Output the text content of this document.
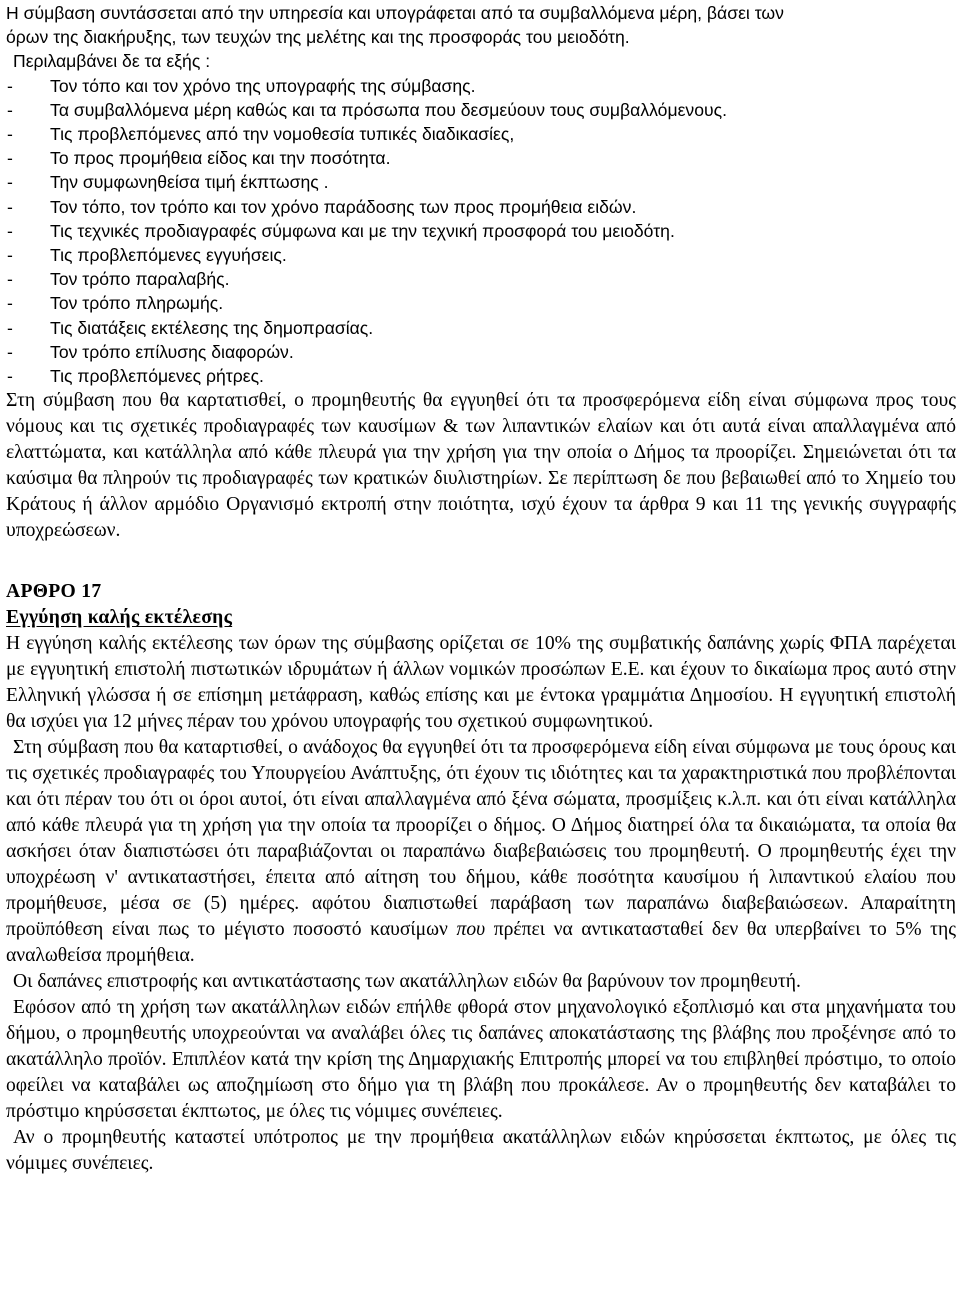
Η σύμβαση συντάσσεται από την υπηρεσία και υπογράφεται από τα συμβαλλόμενα μέρη, βάσει των
όρων της διακήρυξης, των τευχών της μελέτης και της προσφοράς του μειοδότη.
Περιλαμβάνει δε τα εξής :
- Τον τόπο και τον χρόνο της υπογραφής της σύμβασης.
- Τα συμβαλλόμενα μέρη καθώς και τα πρόσωπα που δεσμεύουν τους συμβαλλόμενους.
- Τις προβλεπόμενες από την νομοθεσία τυπικές διαδικασίες,
- Το προς προμήθεια είδος και την ποσότητα.
- Την συμφωνηθείσα τιμή έκπτωσης .
- Τον τόπο, τον τρόπο και τον χρόνο παράδοσης των προς προμήθεια ειδών.
- Τις τεχνικές προδιαγραφές σύμφωνα και με την τεχνική προσφορά του μειοδότη.
- Τις προβλεπόμενες εγγυήσεις.
- Τον τρόπο παραλαβής.
- Τον τρόπο πληρωμής.
- Τις διατάξεις εκτέλεσης της δημοπρασίας.
- Τον τρόπο επίλυσης διαφορών.
- Τις προβλεπόμενες ρήτρες.

Στη σύμβαση που θα καρτατισθεί, ο προμηθευτής θα εγγυηθεί ότι τα προσφερόμενα είδη είναι σύμφωνα προς τους νόμους και τις σχετικές προδιαγραφές των καυσίμων & των λιπαντικών ελαίων και ότι αυτά είναι απαλλαγμένα από ελαττώματα, και κατάλληλα από κάθε πλευρά για την χρήση για την οποία ο Δήμος τα προορίζει. Σημειώνεται ότι τα καύσιμα θα πληρούν τις προδιαγραφές των κρατικών διυλιστηρίων. Σε περίπτωση δε που βεβαιωθεί από το Χημείο του Κράτους ή άλλον αρμόδιο Οργανισμό εκτροπή στην ποιότητα, ισχύ έχουν τα άρθρα 9 και 11 της γενικής συγγραφής υποχρεώσεων.

ΑΡΘΡΟ 17
Εγγύηση καλής εκτέλεσης

Η εγγύηση καλής εκτέλεσης των όρων της σύμβασης ορίζεται σε 10% της συμβατικής δαπάνης χωρίς ΦΠΑ παρέχεται με εγγυητική επιστολή πιστωτικών ιδρυμάτων ή άλλων νομικών προσώπων Ε.Ε. και έχουν το δικαίωμα προς αυτό στην Ελληνική γλώσσα ή σε επίσημη μετάφραση, καθώς επίσης και με έντοκα γραμμάτια Δημοσίου. Η εγγυητική επιστολή θα ισχύει για 12 μήνες πέραν του χρόνου υπογραφής του σχετικού συμφωνητικού.

Στη σύμβαση που θα καταρτισθεί, ο ανάδοχος θα εγγυηθεί ότι τα προσφερόμενα είδη είναι σύμφωνα με τους όρους και τις σχετικές προδιαγραφές του Υπουργείου Ανάπτυξης, ότι έχουν τις ιδιότητες και τα χαρακτηριστικά που προβλέπονται και ότι πέραν του ότι οι όροι αυτοί, ότι είναι απαλλαγμένα από ξένα σώματα, προσμίξεις κ.λ.π. και ότι είναι κατάλληλα από κάθε πλευρά για τη χρήση για την οποία τα προορίζει ο δήμος. Ο Δήμος διατηρεί όλα τα δικαιώματα, τα οποία θα ασκήσει όταν διαπιστώσει ότι παραβιάζονται οι παραπάνω διαβεβαιώσεις του προμηθευτή. Ο προμηθευτής έχει την υποχρέωση ν' αντικαταστήσει, έπειτα από αίτηση του δήμου, κάθε ποσότητα καυσίμου ή λιπαντικού ελαίου που προμήθευσε, μέσα σε (5) ημέρες. αφότου διαπιστωθεί παράβαση των παραπάνω διαβεβαιώσεων. Απαραίτητη προϋπόθεση είναι πως το μέγιστο ποσοστό καυσίμων που πρέπει να αντικατασταθεί δεν θα υπερβαίνει το 5% της αναλωθείσα προμήθεια.

Οι δαπάνες επιστροφής και αντικατάστασης των ακατάλληλων ειδών θα βαρύνουν τον προμηθευτή.

Εφόσον από τη χρήση των ακατάλληλων ειδών επήλθε φθορά στον μηχανολογικό εξοπλισμό και στα μηχανήματα του δήμου, ο προμηθευτής υποχρεούνται να αναλάβει όλες τις δαπάνες αποκατάστασης της βλάβης που προξένησε από το ακατάλληλο προϊόν. Επιπλέον κατά την κρίση της Δημαρχιακής Επιτροπής μπορεί να του επιβληθεί πρόστιμο, το οποίο οφείλει να καταβάλει ως αποζημίωση στο δήμο για τη βλάβη που προκάλεσε. Αν ο προμηθευτής δεν καταβάλει το πρόστιμο κηρύσσεται έκπτωτος, με όλες τις νόμιμες συνέπειες.

Αν ο προμηθευτής καταστεί υπότροπος με την προμήθεια ακατάλληλων ειδών κηρύσσεται έκπτωτος, με όλες τις νόμιμες συνέπειες.
